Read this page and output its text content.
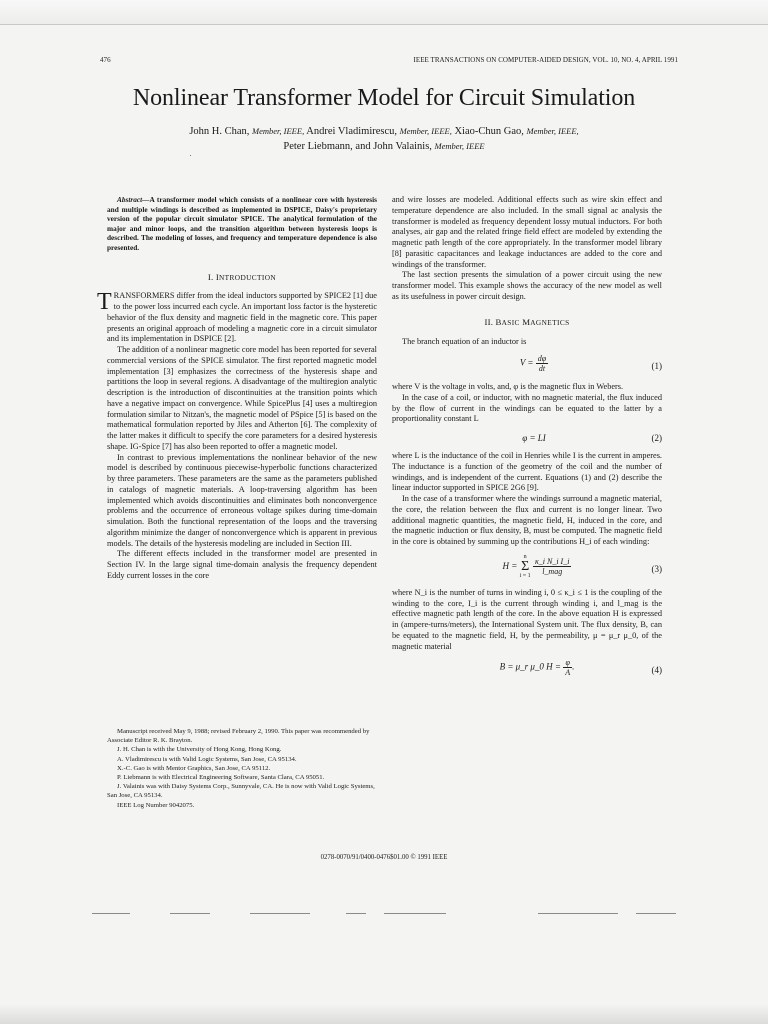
476	IEEE TRANSACTIONS ON COMPUTER-AIDED DESIGN, VOL. 10, NO. 4, APRIL 1991
Nonlinear Transformer Model for Circuit Simulation
John H. Chan, Member, IEEE, Andrei Vladimirescu, Member, IEEE, Xiao-Chun Gao, Member, IEEE,
Peter Liebmann, and John Valainis, Member, IEEE

Abstract—A transformer model which consists of a nonlinear core with hysteresis and multiple windings is described as implemented in DSPICE, Daisy's proprietary version of the popular circuit simulator SPICE. The analytical formulation of the major and minor loops, and the transition algorithm between hysteresis loops is described. The modeling of losses, and frequency and temperature dependence is also presented.

I. INTRODUCTION

TRANSFORMERS differ from the ideal inductors supported by SPICE2 [1] due to the power loss incurred each cycle. An important loss factor is the hysteretic behavior of the flux density and magnetic field in the magnetic core. This paper presents an original approach of modeling a magnetic core in a circuit simulator and its implementation in DSPICE [2].

The addition of a nonlinear magnetic core model has been reported for several commercial versions of the SPICE simulator. The first reported magnetic model implementation [3] emphasizes the correctness of the hysteresis shape and partitions the loop in several regions. A disadvantage of the multiregion analytic description is the introduction of discontinuities at the transition points which have a negative impact on convergence. While SpicePlus [4] uses a multiregion formulation similar to Nitzan's, the magnetic model of PSpice [5] is based on the mathematical formulation reported by Jiles and Atherton [6]. The complexity of the latter makes it difficult to specify the core parameters for a desired hysteresis shape. IG-Spice [7] has also been reported to offer a magnetic model.

In contrast to previous implementations the nonlinear behavior of the new model is described by continuous piecewise-hyperbolic functions characterized by three parameters. These parameters are the same as the parameters published in catalogs of magnetic materials. A loop-traversing algorithm has been implemented which avoids discontinuities and eliminates both nonconvergence problems and the occurrence of erroneous voltage spikes during time-domain simulation. Both the functional representation of the loops and the traversing algorithm minimize the danger of nonconvergence which is apparent in previous models. The details of the hysteresis modeling are included in Section III.

The different effects included in the transformer model are presented in Section IV. In the large signal time-domain analysis the frequency dependent Eddy current losses in the core

Manuscript received May 9, 1988; revised February 2, 1990. This paper was recommended by Associate Editor R. K. Brayton.

J. H. Chan is with the University of Hong Kong, Hong Kong.

A. Vladimirescu is with Valid Logic Systems, San Jose, CA 95134.

X.-C. Gao is with Mentor Graphics, San Jose, CA 95112.

P. Liebmann is with Electrical Engineering Software, Santa Clara, CA 95051.

J. Valainis was with Daisy Systems Corp., Sunnyvale, CA. He is now with Valid Logic Systems, San Jose, CA 95134.

IEEE Log Number 9042075.

and wire losses are modeled. Additional effects such as wire skin effect and temperature dependence are also included. In the small signal ac analysis the transformer is modeled as frequency dependent lossy mutual inductors. For both analyses, air gap and the related fringe field effect are modeled by extending the magnetic path length of the core appropriately. In the transformer model library [8] parasitic capacitances and leakage inductances are added to the core and windings of the transformer.

The last section presents the simulation of a power circuit using the new transformer model. This example shows the accuracy of the new model as well as its usefulness in power circuit design.

II. BASIC MAGNETICS

The branch equation of an inductor is

$V = \frac{d\varphi}{dt}$	(1)

where V is the voltage in volts, and, φ is the magnetic flux in Webers.

In the case of a coil, or inductor, with no magnetic material, the flux induced by the flow of current in the windings can be equated to the latter by a proportionality constant L

φ = LI	(2)

where L is the inductance of the coil in Henries while I is the current in amperes. The inductance is a function of the geometry of the coil and the number of windings, and is independent of the current. Equations (1) and (2) describe the linear inductor supported in SPICE 2G6 [9].

In the case of a transformer where the windings surround a magnetic material, the core, the relation between the flux and current is no longer linear. Two additional magnetic quantities, the magnetic field, H, induced in the core, and the magnetic induction or flux density, B, must be computed. The magnetic field in the core is obtained by summing up the contributions H_i of each winding:

H = n
Σ
$i = 1 \frac{\text{κ\_i N\_i I\_i}}{\text{l\_mag}}$	(3)

where N_i is the number of turns in winding i, 0 ≤ κ_i ≤ 1 is the coupling of the winding to the core, I_i is the current through winding i, and l_mag is the effective magnetic path length of the core. In the above equation H is expressed in (ampere-turns/meters), the International System unit. The flux density, B, can be equated to the magnetic field, H, by the permeability, μ = μ_r μ_0, of the magnetic material

B = μ_r μ_0 $H = \frac{\varphi}{A}$ .	(4)
0278-0070/91/0400-0476$01.00 © 1991 IEEE
